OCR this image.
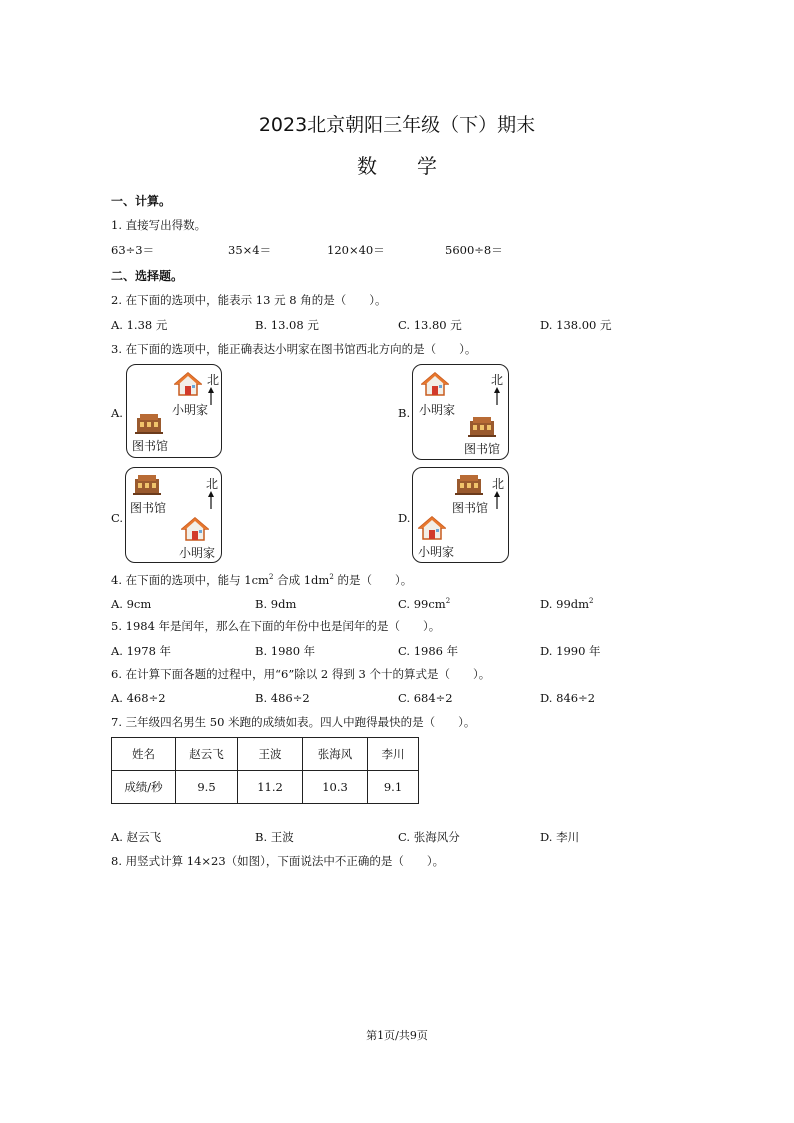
2023北京朝阳三年级（下）期末
数学
一、计算。
1. 直接写出得数。
63÷3＝	35×4＝	120×40＝	5600÷8＝
二、选择题。
2. 在下面的选项中，能表示 13 元 8 角的是（　　）。
A. 1.38 元	B. 13.08 元	C. 13.80 元	D. 138.00 元
3. 在下面的选项中，能正确表达小明家在图书馆西北方向的是（　　）。
A.
北
小明家
图书馆
B.
北
小明家
图书馆
C.
北
图书馆
小明家
D.
北
图书馆
小明家
4. 在下面的选项中，能与 $1cm^2$ 合成 $1dm^2$ 的是（　　）。
A. 9cm	B. 9dm	C. $99cm^2$	D. $99dm^2$
5. 1984 年是闰年，那么在下面的年份中也是闰年的是（　　）。
A. 1978 年	B. 1980 年	C. 1986 年	D. 1990 年
6. 在计算下面各题的过程中，用“6”除以 2 得到 3 个十的算式是（　　）。
A. 468÷2	B. 486÷2	C. 684÷2	D. 846÷2
7. 三年级四名男生 50 米跑的成绩如表。四人中跑得最快的是（　　）。
姓名	赵云飞	王波	张海风	李川
成绩/秒	9.5	11.2	10.3	9.1
A. 赵云飞	B. 王波	C. 张海风分	D. 李川
8. 用竖式计算 14×23（如图），下面说法中不正确的是（　　）。
第1页/共9页
